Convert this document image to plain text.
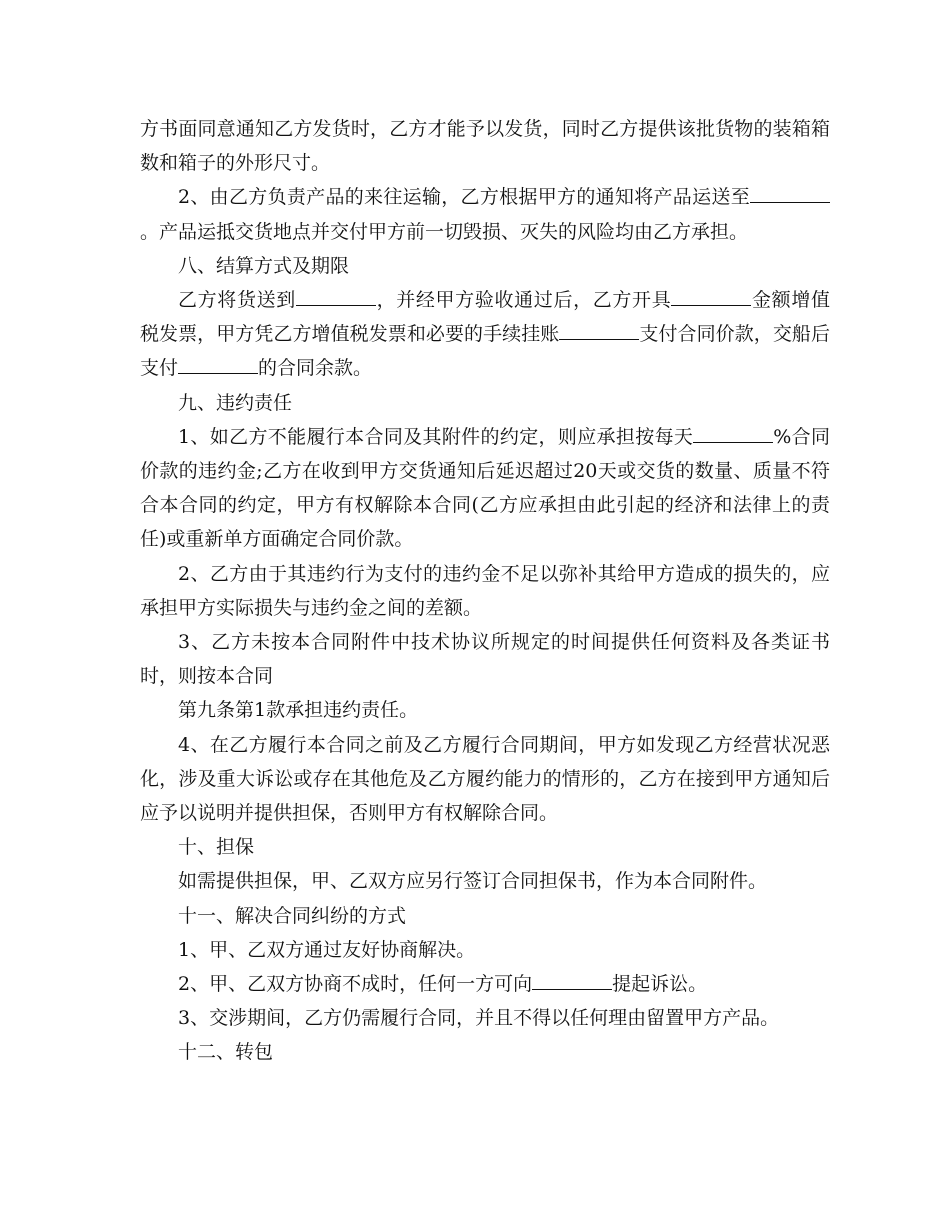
方书面同意通知乙方发货时，乙方才能予以发货，同时乙方提供该批货物的装箱箱数和箱子的外形尺寸。

2、由乙方负责产品的来往运输，乙方根据甲方的通知将产品运送至。产品运抵交货地点并交付甲方前一切毁损、灭失的风险均由乙方承担。

八、结算方式及期限

乙方将货送到	，并经甲方验收通过后，乙方开具	金额增值税发票，甲方凭乙方增值税发票和必要的手续挂账	支付合同价款，交船后支付	的合同余款。

九、违约责任

1、如乙方不能履行本合同及其附件的约定，则应承担按每天	%合同价款的违约金;乙方在收到甲方交货通知后延迟超过20天或交货的数量、质量不符合本合同的约定，甲方有权解除本合同(乙方应承担由此引起的经济和法律上的责任)或重新单方面确定合同价款。

2、乙方由于其违约行为支付的违约金不足以弥补其给甲方造成的损失的，应承担甲方实际损失与违约金之间的差额。

3、乙方未按本合同附件中技术协议所规定的时间提供任何资料及各类证书时，则按本合同

第九条第1款承担违约责任。

4、在乙方履行本合同之前及乙方履行合同期间，甲方如发现乙方经营状况恶化，涉及重大诉讼或存在其他危及乙方履约能力的情形的，乙方在接到甲方通知后应予以说明并提供担保，否则甲方有权解除合同。

十、担保

如需提供担保，甲、乙双方应另行签订合同担保书，作为本合同附件。

十一、解决合同纠纷的方式

1、甲、乙双方通过友好协商解决。

2、甲、乙双方协商不成时，任何一方可向	提起诉讼。

3、交涉期间，乙方仍需履行合同，并且不得以任何理由留置甲方产品。

十二、转包
